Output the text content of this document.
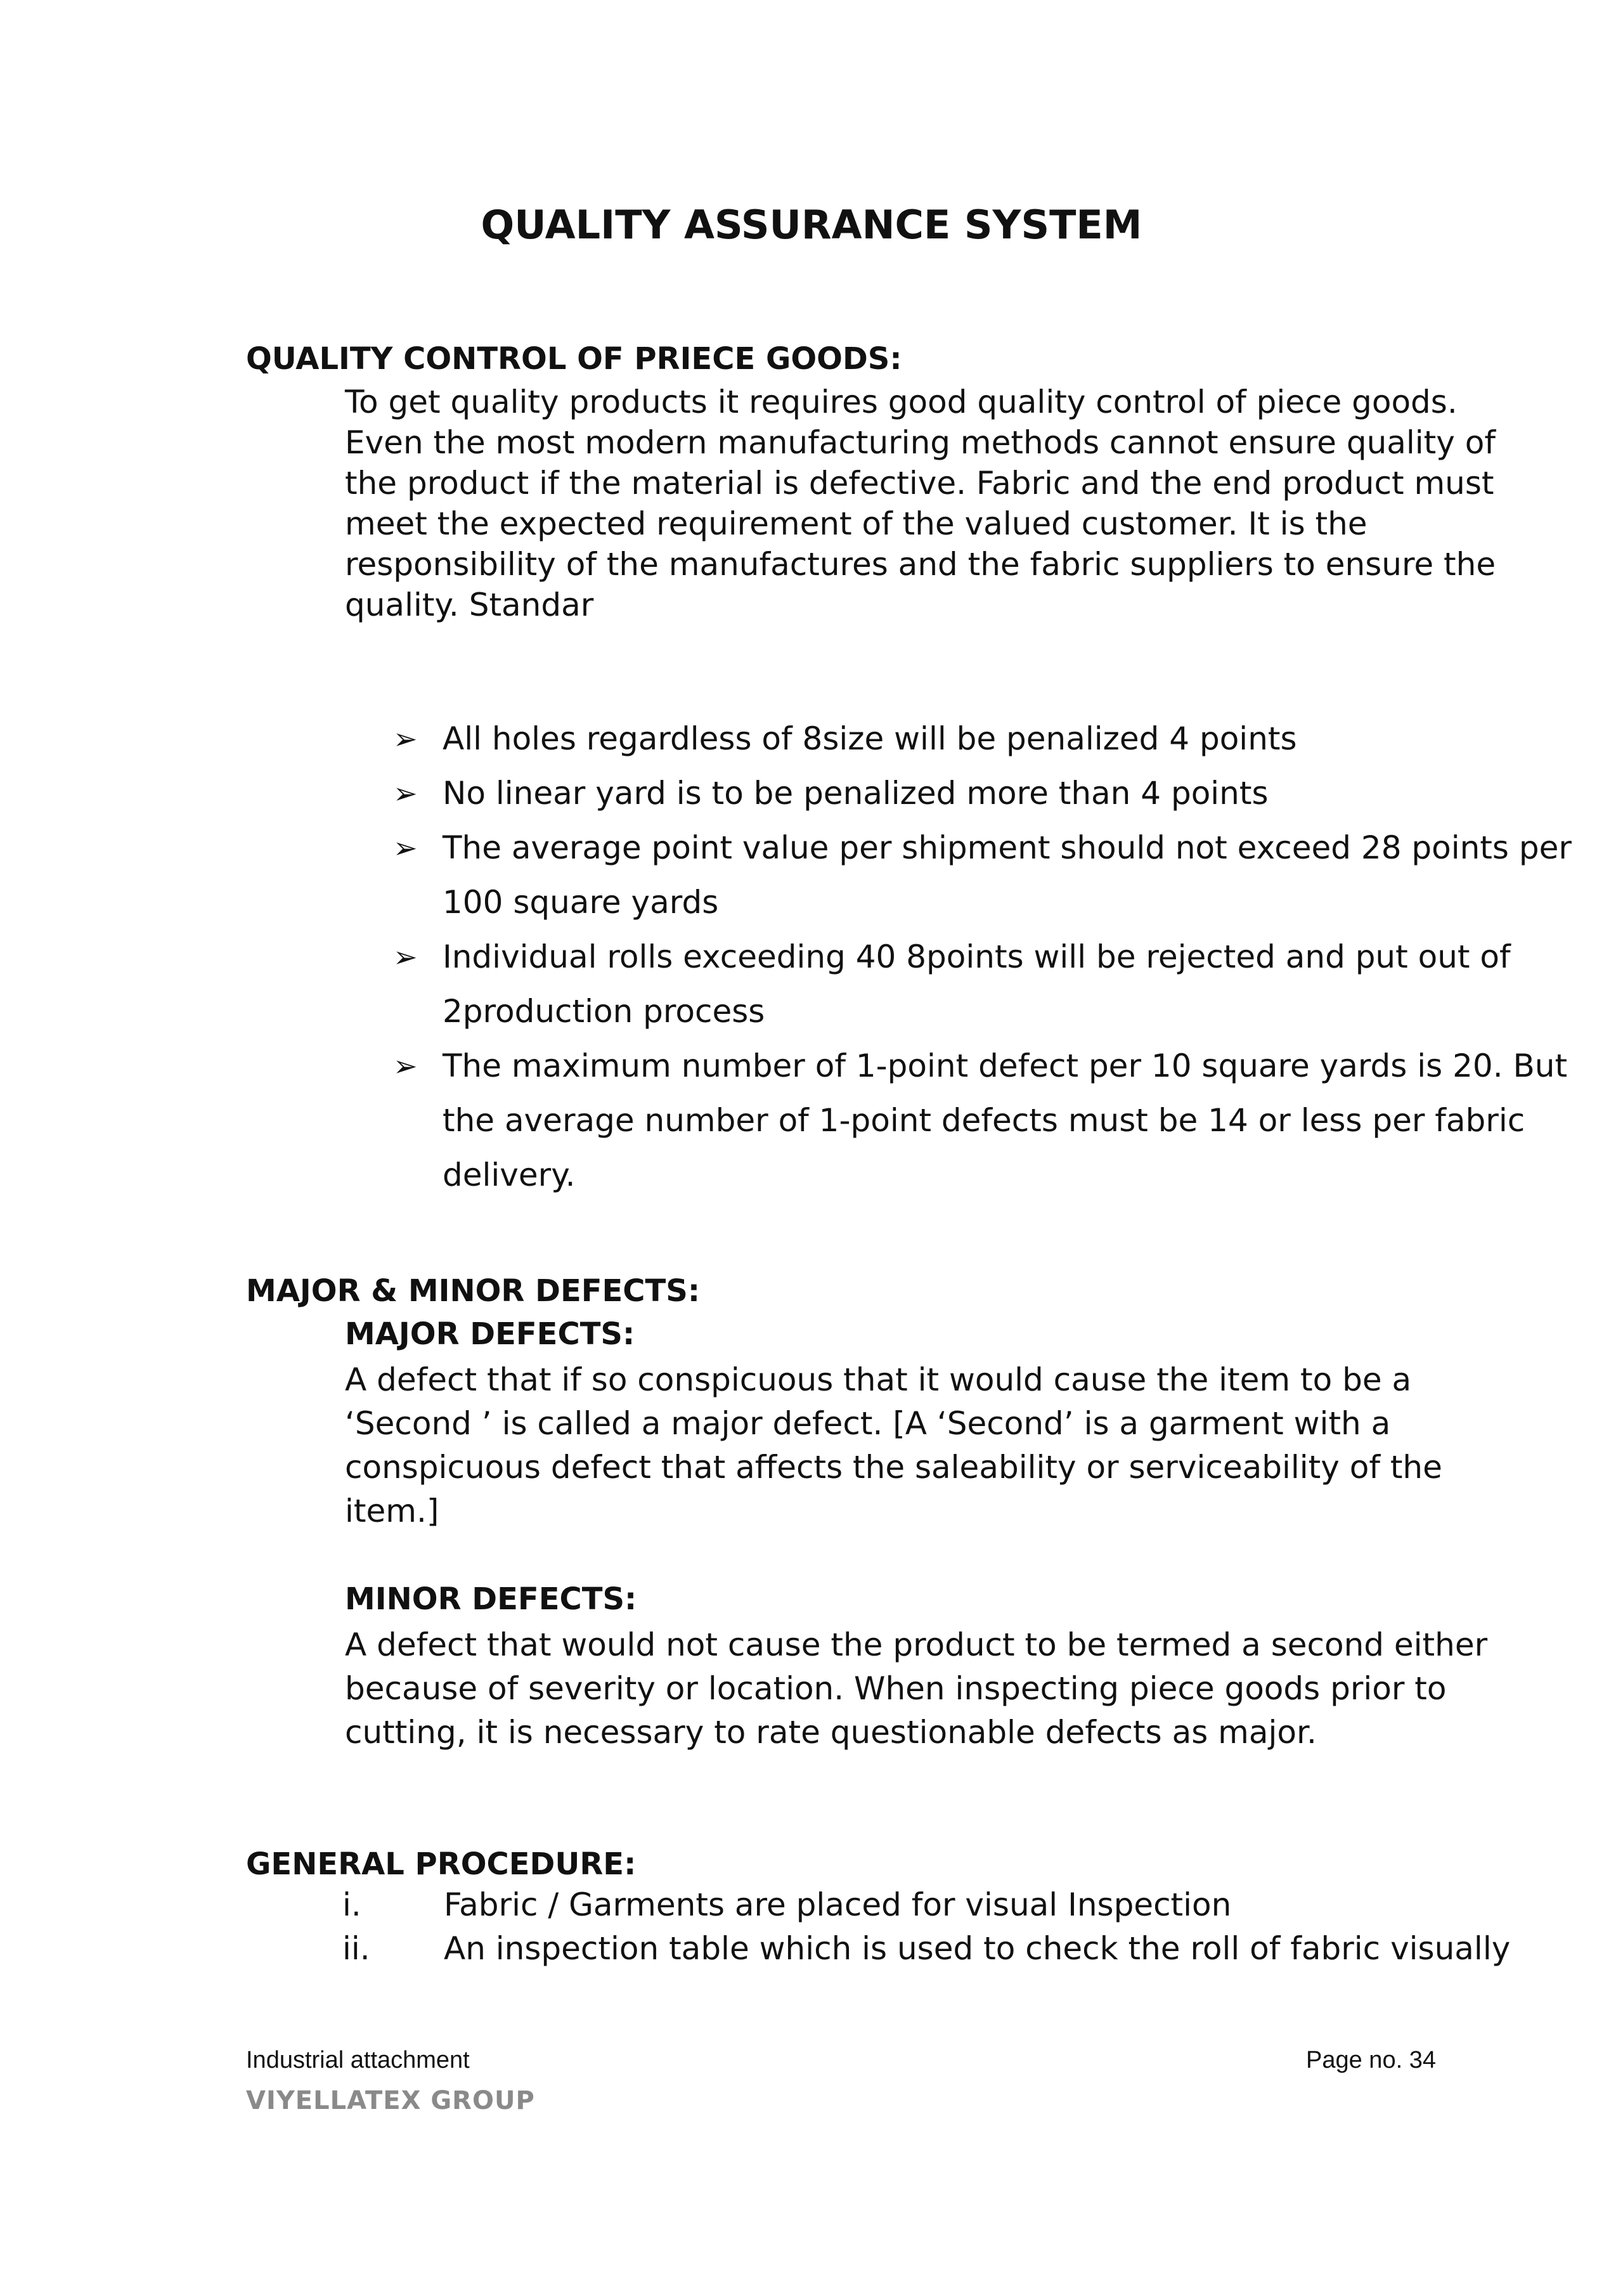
QUALITY ASSURANCE SYSTEM
QUALITY CONTROL OF PRIECE GOODS:
To get quality products it requires good quality control of piece goods.
Even the most modern manufacturing methods cannot ensure quality of
the product if the material is defective. Fabric and the end product must
meet the expected requirement of the valued customer. It is the
responsibility of the manufactures and the fabric suppliers to ensure the
quality. Standar
➢ All holes regardless of 8size will be penalized 4 points
➢ No linear yard is to be penalized more than 4 points
➢ The average point value per shipment should not exceed 28 points per 100 square yards
➢ Individual rolls exceeding 40 8points will be rejected and put out of 2production process
➢ The maximum number of 1-point defect per 10 square yards is 20. But the average number of 1-point defects must be 14 or less per fabric delivery.
MAJOR & MINOR DEFECTS:
MAJOR DEFECTS:
A defect that if so conspicuous that it would cause the item to be a
‘Second ’ is called a major defect. [A ‘Second’ is a garment with a
conspicuous defect that affects the saleability or serviceability of the
item.]
MINOR DEFECTS:
A defect that would not cause the product to be termed a second either
because of severity or location. When inspecting piece goods prior to
cutting, it is necessary to rate questionable defects as major.
GENERAL PROCEDURE:
i.	Fabric / Garments are placed for visual Inspection
ii. An inspection table which is used to check the roll of fabric visually
Industrial attachment
VIYELLATEX GROUP
Page no. 34
